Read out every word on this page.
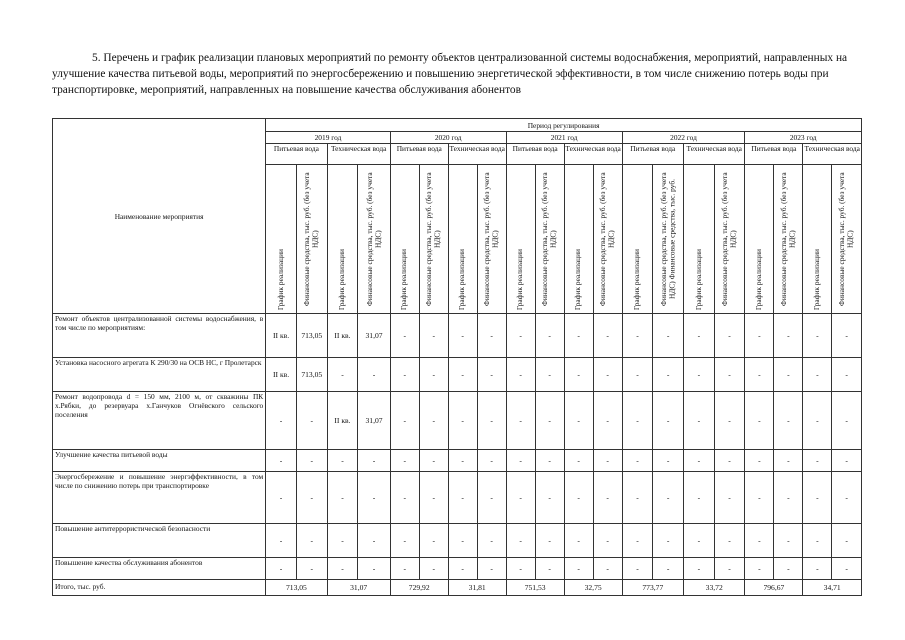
5. Перечень и график реализации плановых мероприятий по ремонту объектов централизованной системы водоснабжения, мероприятий, направленных на улучшение качества питьевой воды, мероприятий по энергосбережению и повышению энергетической эффективности, в том числе снижению потерь воды при транспортировке, мероприятий, направленных на повышение качества обслуживания абонентов

Наименование мероприятия	Период регулирования																			
	2019 год				2020 год				2021 год				2022 год				2023 год			
	Питьевая вода		Техническая вода		Питьевая вода		Техническая вода		Питьевая вода		Техническая вода		Питьевая вода		Техническая вода		Питьевая вода		Техническая вода	

	График реализации	Финансовые средства, тыс. руб. (без учета НДС)	График реализации	Финансовые средства, тыс. руб. (без учета НДС)	График реализации	Финансовые средства, тыс. руб. (без учета НДС)	График реализации	Финансовые средства, тыс. руб. (без учета НДС)	График реализации	Финансовые средства, тыс. руб. (без учета НДС)	График реализации	Финансовые средства, тыс. руб. (без учета НДС)	График реализации	Финансовые средства, тыс. руб. (без учета НДС) Финансовые средства, тыс. руб.	График реализации	Финансовые средства, тыс. руб. (без учета НДС)	График реализации	Финансовые средства, тыс. руб. (без учета НДС)	График реализации	Финансовые средства, тыс. руб. (без учета НДС)

Ремонт объектов централизованной системы водоснабжения, в том числе по мероприятиям:	II кв.	713,05	II кв.	31,07	-	-	-	-	-	-	-	-	-	-	-	-	-	-	-	-
Установка насосного агрегата К 290/30 на ОСВ НС, г Пролетарск	II кв.	713,05	-	-	-	-	-	-	-	-	-	-	-	-	-	-	-	-	-	-
Ремонт водопровода d = 150 мм, 2100 м, от скважины ПК х.Рябки, до резервуара х.Ганчуков Огнёвского сельского поселения	-	-	II кв.	31,07	-	-	-	-	-	-	-	-	-	-	-	-	-	-	-	-
Улучшение качества питьевой воды	-	-	-	-	-	-	-	-	-	-	-	-	-	-	-	-	-	-	-	-
Энергосбережение и повышение энергэффективности, в том числе по снижению потерь при транспортировке	-	-	-	-	-	-	-	-	-	-	-	-	-	-	-	-	-	-	-	-
Повышение антитеррористической безопасности	-	-	-	-	-	-	-	-	-	-	-	-	-	-	-	-	-	-	-	-
Повышение качества обслуживания абонентов	-	-	-	-	-	-	-	-	-	-	-	-	-	-	-	-	-	-	-	-
Итого, тыс. руб.	713,05		31,07		729,92		31,81		751,53		32,75		773,77		33,72		796,67		34,71	
